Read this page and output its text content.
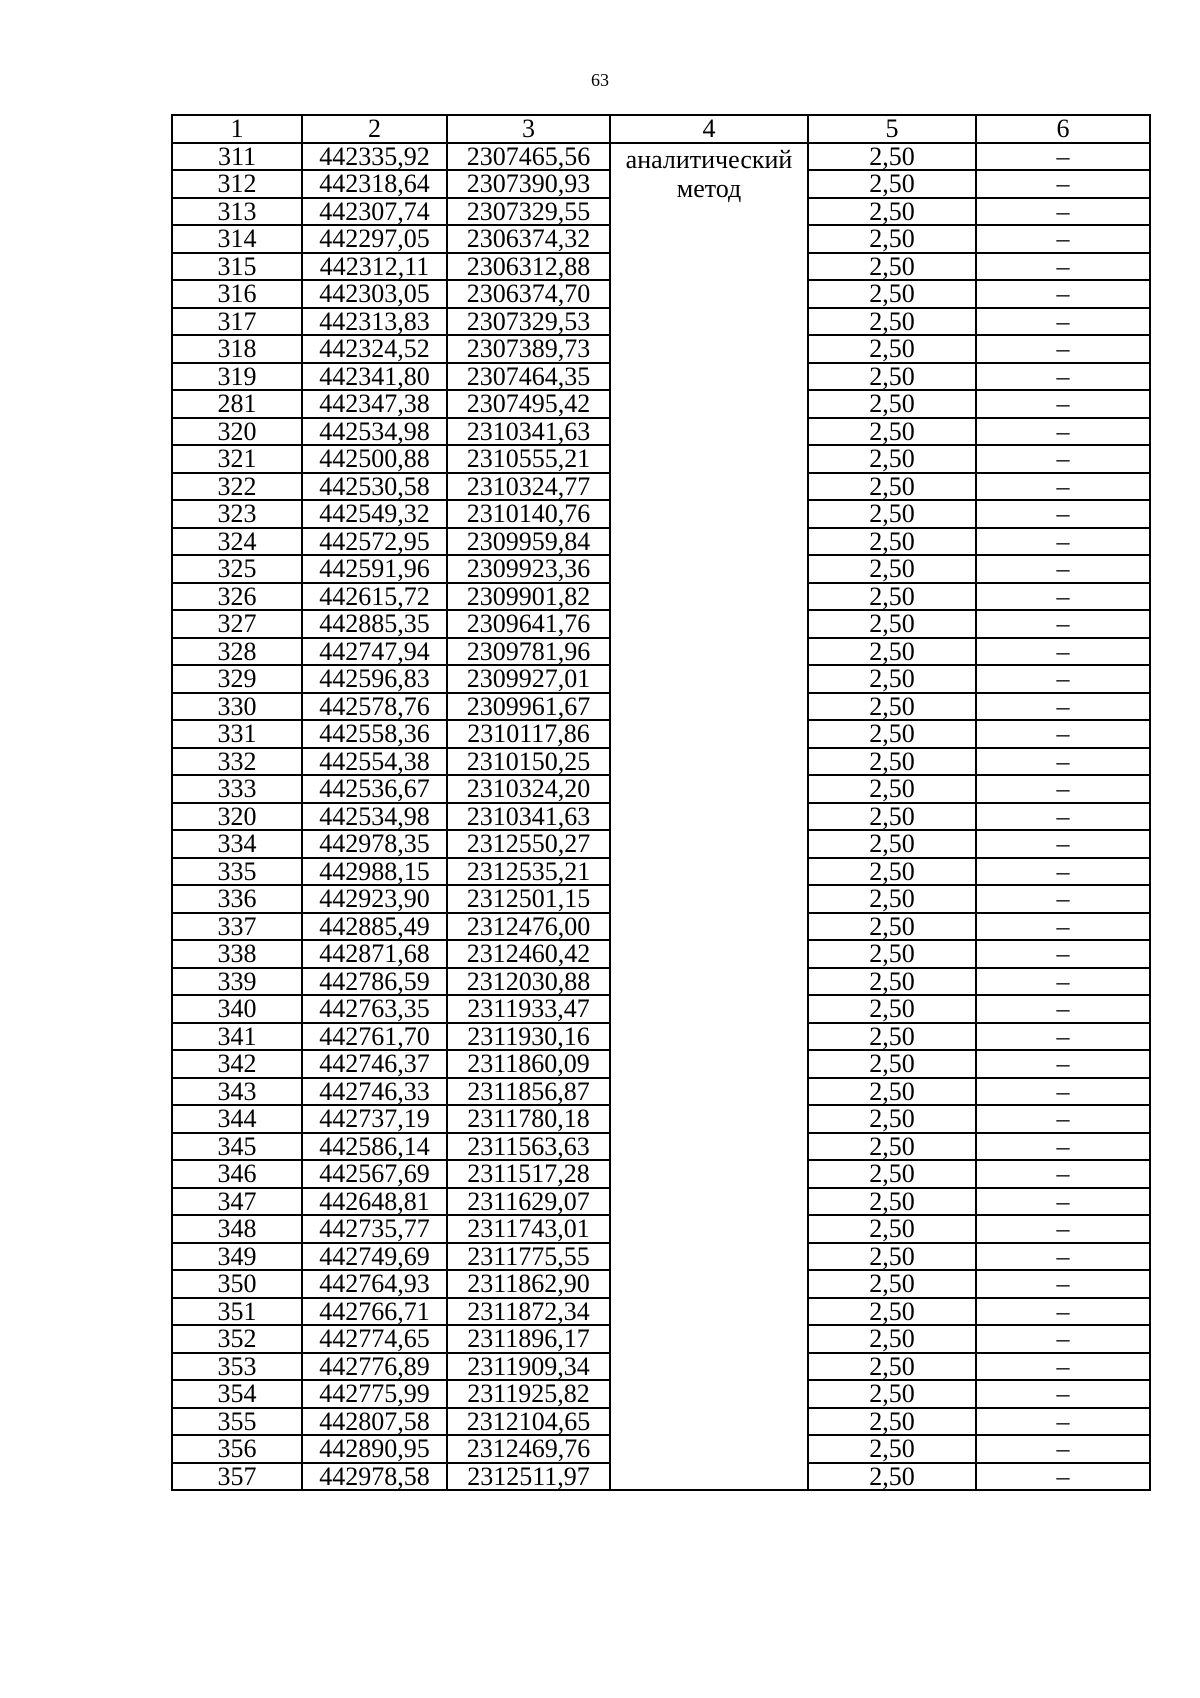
63
1	2	3	4	5	6
311	442335,92	2307465,56	аналитический метод	2,50	–
312	442318,64	2307390,93		2,50	–
313	442307,74	2307329,55		2,50	–
314	442297,05	2306374,32		2,50	–
315	442312,11	2306312,88		2,50	–
316	442303,05	2306374,70		2,50	–
317	442313,83	2307329,53		2,50	–
318	442324,52	2307389,73		2,50	–
319	442341,80	2307464,35		2,50	–
281	442347,38	2307495,42		2,50	–
320	442534,98	2310341,63		2,50	–
321	442500,88	2310555,21		2,50	–
322	442530,58	2310324,77		2,50	–
323	442549,32	2310140,76		2,50	–
324	442572,95	2309959,84		2,50	–
325	442591,96	2309923,36		2,50	–
326	442615,72	2309901,82		2,50	–
327	442885,35	2309641,76		2,50	–
328	442747,94	2309781,96		2,50	–
329	442596,83	2309927,01		2,50	–
330	442578,76	2309961,67		2,50	–
331	442558,36	2310117,86		2,50	–
332	442554,38	2310150,25		2,50	–
333	442536,67	2310324,20		2,50	–
320	442534,98	2310341,63		2,50	–
334	442978,35	2312550,27		2,50	–
335	442988,15	2312535,21		2,50	–
336	442923,90	2312501,15		2,50	–
337	442885,49	2312476,00		2,50	–
338	442871,68	2312460,42		2,50	–
339	442786,59	2312030,88		2,50	–
340	442763,35	2311933,47		2,50	–
341	442761,70	2311930,16		2,50	–
342	442746,37	2311860,09		2,50	–
343	442746,33	2311856,87		2,50	–
344	442737,19	2311780,18		2,50	–
345	442586,14	2311563,63		2,50	–
346	442567,69	2311517,28		2,50	–
347	442648,81	2311629,07		2,50	–
348	442735,77	2311743,01		2,50	–
349	442749,69	2311775,55		2,50	–
350	442764,93	2311862,90		2,50	–
351	442766,71	2311872,34		2,50	–
352	442774,65	2311896,17		2,50	–
353	442776,89	2311909,34		2,50	–
354	442775,99	2311925,82		2,50	–
355	442807,58	2312104,65		2,50	–
356	442890,95	2312469,76		2,50	–
357	442978,58	2312511,97		2,50	–
